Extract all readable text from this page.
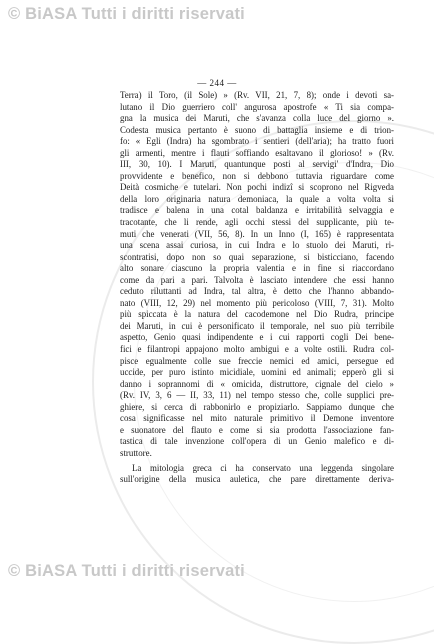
© BiASA Tutti i diritti riservati
— 244 —
Terra) il Toro, (il Sole) » (Rv. VII, 21, 7, 8); onde i devoti sa-
lutano il Dio guerriero coll' angurosa apostrofe « Ti sia compa-
gna la musica dei Maruti, che s'avanza colla luce del giorno ».
Codesta musica pertanto è suono di battaglia insieme e di trion-
fo: « Egli (Indra) ha sgombrato i sentieri (dell'aria); ha tratto fuori
gli armenti, mentre i flauti soffiando esaltavano il glorioso! » (Rv.
III, 30, 10). I Maruti, quantunque posti al servigi' d'Indra, Dio
provvidente e benefico, non si debbono tuttavia riguardare come
Deità cosmiche e tutelari. Non pochi indizî si scoprono nel Rigveda
della loro originaria natura demoniaca, la quale a volta volta si
tradisce e balena in una cotal baldanza e irritabilità selvaggia e
tracotante, che li rende, agli occhi stessi del supplicante, più te-
muti che venerati (VII, 56, 8). In un Inno (I, 165) è rappresentata
una scena assai curiosa, in cui Indra e lo stuolo dei Maruti, ri-
scontratisi, dopo non so quai separazione, si bisticciano, facendo
alto sonare ciascuno la propria valentia e in fine si riaccordano
come da pari a pari. Talvolta è lasciato intendere che essi hanno
ceduto riluttanti ad Indra, tal altra, è detto che l'hanno abbando-
nato (VIII, 12, 29) nel momento più pericoloso (VIII, 7, 31). Molto
più spiccata è la natura del cacodemone nel Dio Rudra, principe
dei Maruti, in cui è personificato il temporale, nel suo più terribile
aspetto, Genio quasi indipendente e i cui rapporti cogli Dei bene-
fici e filantropi appajono molto ambigui e a volte ostili. Rudra col-
pisce egualmente colle sue freccie nemici ed amici, persegue ed
uccide, per puro istinto micidiale, uomini ed animali; epperò gli si
danno i soprannomi di « omicida, distruttore, cignale del cielo »
(Rv. IV, 3, 6 — II, 33, 11) nel tempo stesso che, colle supplici pre-
ghiere, si cerca di rabbonirlo e propiziarlo. Sappiamo dunque che
cosa significasse nel mito naturale primitivo il Demone inventore
e suonatore del flauto e come si sia prodotta l'associazione fan-
tastica di tale invenzione coll'opera di un Genio malefico e di-
struttore.
La mitologia greca ci ha conservato una leggenda singolare
sull'origine della musica auletica, che pare direttamente deriva-
© BiASA Tutti i diritti riservati
